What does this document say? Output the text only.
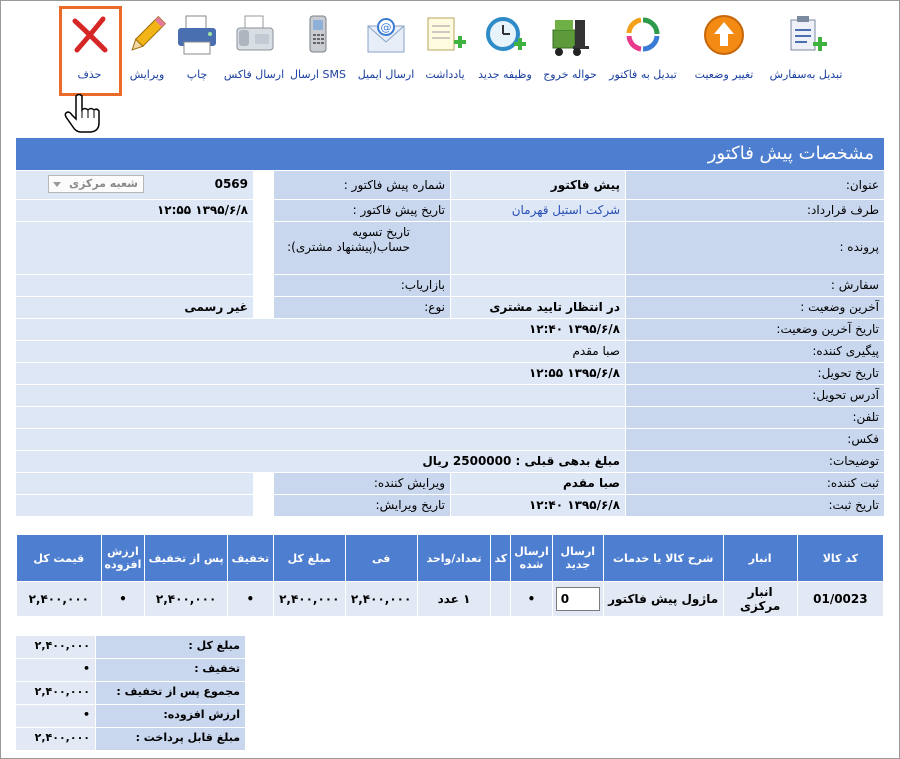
حذف	ویرایش	چاپ	ارسال فاکس ارسال SMS
@
ارسال ایمیل	یادداشت	وظیفه جدید	حواله خروج	تبدیل به فاکتور	تغییر وضعیت	تبدیل به‌سفارش
مشخصات پیش فاکتور
عنوان:
پیش فاکتور
شماره پیش فاکتور :
0569
شعبه مرکزی
طرف قرارداد:
شرکت استیل قهرمان
تاریخ پیش فاکتور :
۱۳۹۵/۶/۸ ۱۲:۵۵
پرونده :
تاریخ تسویه حساب(پیشنهاد مشتری):
سفارش :
بازاریاب:
آخرین وضعیت :
در انتظار تایید مشتری
نوع:
غیر رسمی
تاریخ آخرین وضعیت:
۱۳۹۵/۶/۸ ۱۲:۴۰
پیگیری کننده:
صبا مقدم
تاریخ تحویل:
۱۳۹۵/۶/۸ ۱۲:۵۵
آدرس تحویل:
تلفن:
فکس:
توضیحات:
مبلغ بدهی قبلی : 2500000 ریال
ثبت کننده:
صبا مقدم
ویرایش کننده:
تاریخ ثبت:
۱۳۹۵/۶/۸ ۱۲:۴۰
تاریخ ویرایش:
کد کالا	انبار	شرح کالا یا خدمات	ارسال جدید	ارسال شده	کد	تعداد/واحد	فی	مبلغ کل	تخفیف	پس از تخفیف	ارزش افزوده	قیمت کل
01/0023	انبار مرکزی	ماژول پیش فاکتور	0	•		۱ عدد	۲,۴۰۰,۰۰۰	۲,۴۰۰,۰۰۰	•	۲,۴۰۰,۰۰۰	•	۲,۴۰۰,۰۰۰
مبلغ کل :
۲,۴۰۰,۰۰۰
تخفیف :
•
مجموع پس از تخفیف :
۲,۴۰۰,۰۰۰
ارزش افزوده:
•
مبلغ قابل پرداخت :
۲,۴۰۰,۰۰۰
